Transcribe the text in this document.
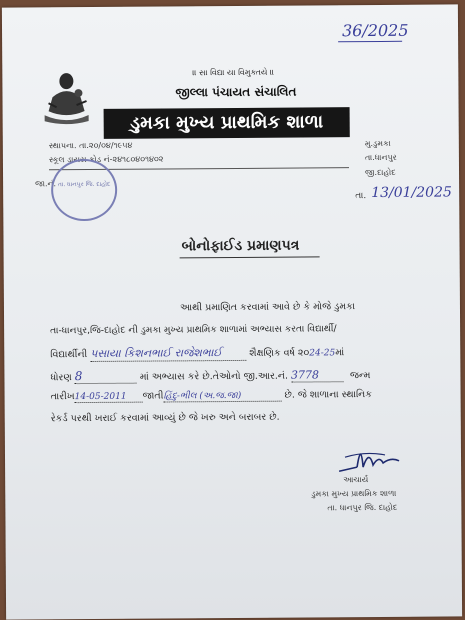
36/2025
॥ સા વિદ્યા યા વિમુક્તયે ॥
જીલ્લા પંચાયત સંચાલિત
ડુમકા મુખ્ય પ્રાથમિક શાળા
સ્થાપના. તા.૨૦/૦૪/૧૯૫૪
સ્કૂલ ડાયસ કોડ નં-૨૪૧૮૦૪૦૧૪૦૨
જા.નં.
મુ.ડુમકા
તા.ધાનપુર
જી.દાહોદ
તા. ધાનપુર જિ. દાહોદ
તા. 13/01/2025
બોનોફાઈડ પ્રમાણપત્ર
આથી પ્રમાણિત કરવામાં આવે છે કે મોજે ડુમકા
તા-ધાનપુર,જિ-દાહોદ ની ડુમકા મુખ્ય પ્રાથમિક શાળામાં અભ્યાસ કરતા વિદ્યાર્થી/
વિદ્યાર્થીની પસાયા કિશનભાઈ રાજેશભાઈ	શૈક્ષણિક વર્ષ ૨૦24-25માં
ધોરણ 8	માં અભ્યાસ કરે છે.તેઓનો જી.આર.નં. 3778	જન્મ
તારીખ14-05-2011 જાતીહિંદુ-ભીલ (અ.જ.જા)	છે. જે શાળાના સ્થાનિક
રેકર્ડ પરથી ખરાઈ કરવામાં આવ્યું છે જે ખરુ અને બરાબર છે.
આચાર્ય
ડુમકા મુખ્ય પ્રાથમિક શાળા
તા. ધાનપુર જિ. દાહોદ
